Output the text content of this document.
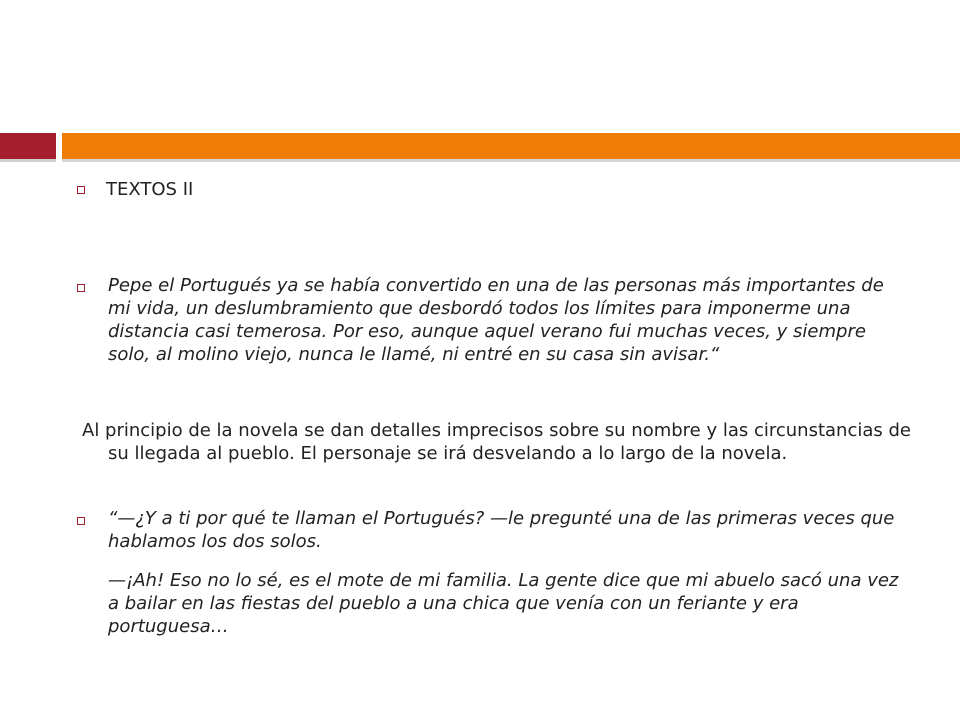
TEXTOS II
Pepe el Portugués ya se había convertido en una de las personas más importantes de mi vida, un deslumbramiento que desbordó todos los límites para imponerme una distancia casi temerosa. Por eso, aunque aquel verano fui muchas veces, y siempre solo, al molino viejo, nunca le llamé, ni entré en su casa sin avisar.“
Al principio de la novela se dan detalles imprecisos sobre su nombre y las circunstancias de su llegada al pueblo. El personaje se irá desvelando a lo largo de la novela.
“—¿Y a ti por qué te llaman el Portugués? —le pregunté una de las primeras veces que hablamos los dos solos.
—¡Ah! Eso no lo sé, es el mote de mi familia. La gente dice que mi abuelo sacó una vez a bailar en las fiestas del pueblo a una chica que venía con un feriante y era portuguesa…
